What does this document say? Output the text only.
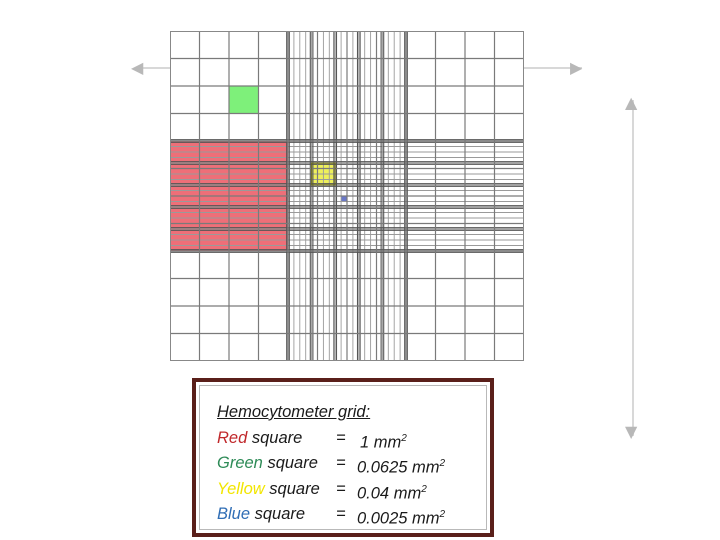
◀	▶
▲
▼
Hemocytometer grid:
Red square = 1 $mm^2$
Green square = 0.0625 $mm^2$
Yellow square = 0.04 $mm^2$
Blue square = 0.0025 $mm^2$
